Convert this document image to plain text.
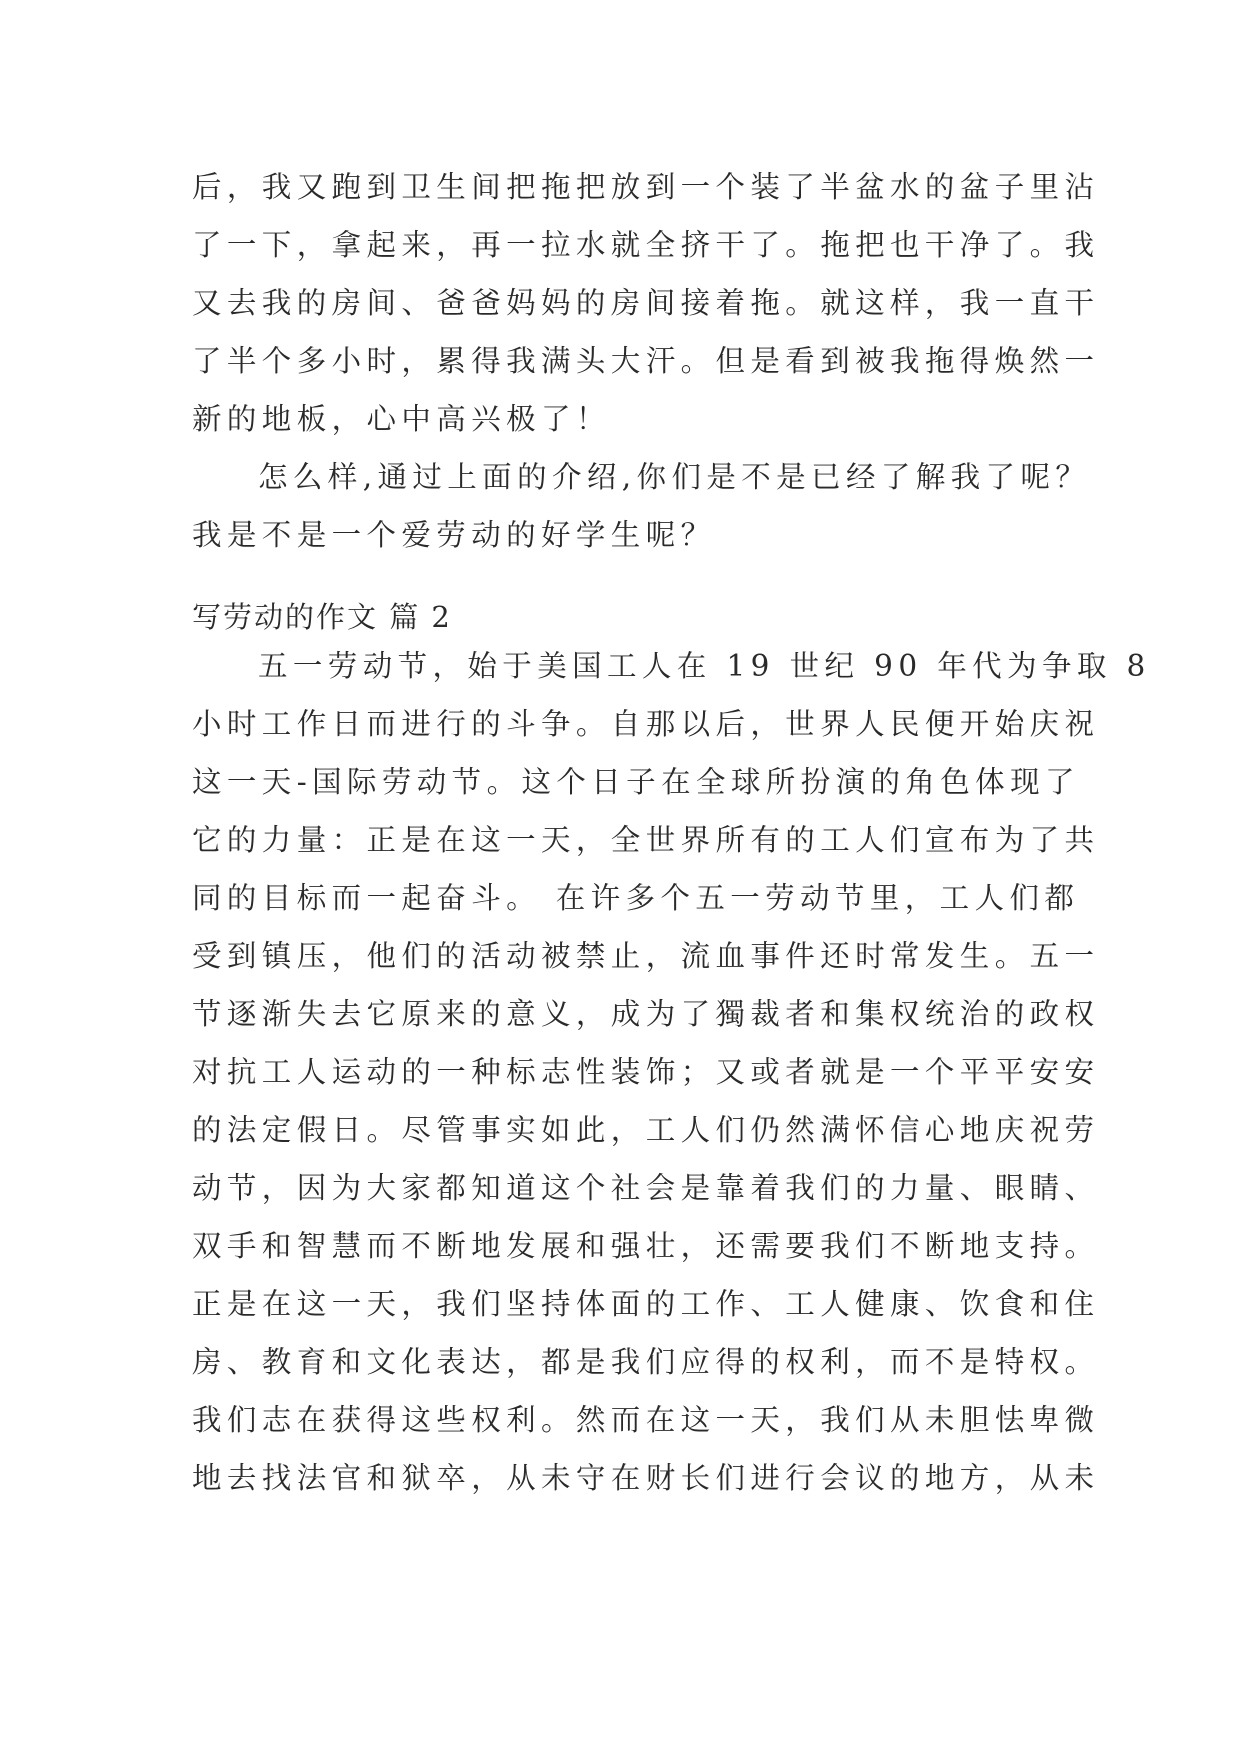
后，我又跑到卫生间把拖把放到一个装了半盆水的盆子里沾
了一下，拿起来，再一拉水就全挤干了。拖把也干净了。我
又去我的房间、爸爸妈妈的房间接着拖。就这样，我一直干
了半个多小时，累得我满头大汗。但是看到被我拖得焕然一
新的地板，心中高兴极了！
怎么样,通过上面的介绍,你们是不是已经了解我了呢？
我是不是一个爱劳动的好学生呢？
写劳动的作文 篇 2
五一劳动节，始于美国工人在 19 世纪 90 年代为争取 8
小时工作日而进行的斗争。自那以后，世界人民便开始庆祝
这一天-国际劳动节。这个日子在全球所扮演的角色体现了
它的力量：正是在这一天，全世界所有的工人们宣布为了共
同的目标而一起奋斗。 在许多个五一劳动节里，工人们都
受到镇压，他们的活动被禁止，流血事件还时常发生。五一
节逐渐失去它原来的意义，成为了獨裁者和集权统治的政权
对抗工人运动的一种标志性装饰；又或者就是一个平平安安
的法定假日。尽管事实如此，工人们仍然满怀信心地庆祝劳
动节，因为大家都知道这个社会是靠着我们的力量、眼睛、
双手和智慧而不断地发展和强壮，还需要我们不断地支持。
正是在这一天，我们坚持体面的工作、工人健康、饮食和住
房、教育和文化表达，都是我们应得的权利，而不是特权。
我们志在获得这些权利。然而在这一天，我们从未胆怯卑微
地去找法官和狱卒，从未守在财长们进行会议的地方，从未
